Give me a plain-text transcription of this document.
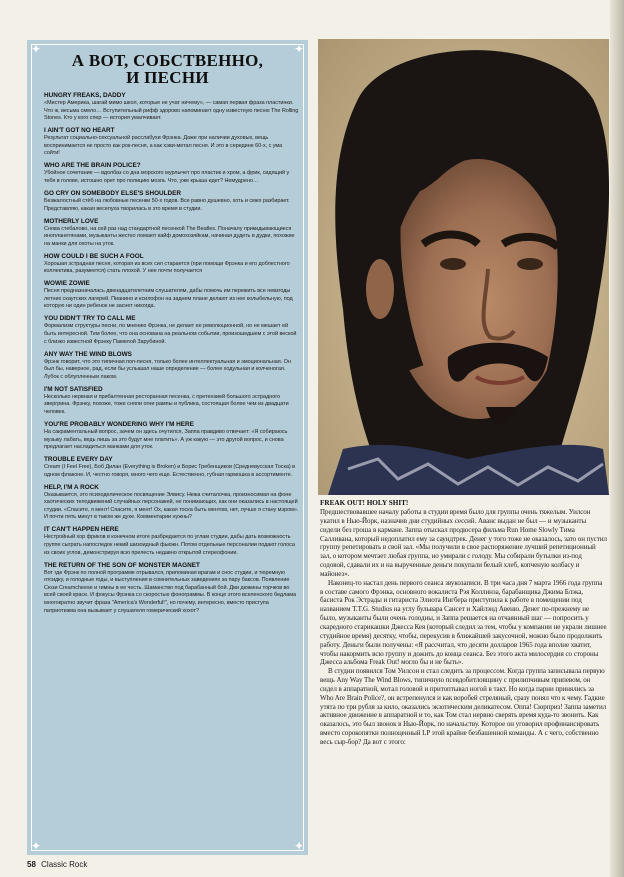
✦	✦
✦	✦
А ВОТ, СОБСТВЕННО,
И ПЕСНИ
HUNGRY FREAKS, DADDY
«Мистер Америка, шагай мимо школ, которые не учат ничему», — самая первая фраза пластинки. Что ж, весьма смело… Вступительный рифф здорово напоминает одну известную песню The Rolling Stones. Кто у кого спер — история умалчивает.
I AIN'T GOT NO HEART
Результат социально-сексуальной расслабухи Фрэнка. Даже при наличии духовых, вещь воспринимается не просто как рок-песня, а как хэви-метал песня. И это в середине 60-х, с ума сойти!
WHO ARE THE BRAIN POLICE?
Убойное сочетание — вдолбаз со дна морского мурлычет про пластик и хром, а фрик, сидящий у тебя в голове, истошно орет про полицию мозга. Что, уже крыша едет? Немудрено…
GO CRY ON SOMEBODY ELSE'S SHOULDER
Безжалостный стёб на любовные песенки 50-х годов. Все равно душевно, хоть и смех разбирает. Представляю, какая веселуха творилась в это время в студии.
MOTHERLY LOVE
Снова стебалово, на сей раз над стандартной песенкой The Beatles. Поначалу прикидывающиеся инопланетянами, музыканты жестко ломают кайф домохозяйкам, начиная дудеть в дудки, похожие на манки для охоты на уток.
HOW COULD I BE SUCH A FOOL
Хорошая эстрадная песня, которая из всех сил старается (при помощи Фрэнка и его доблестного коллектива, разумеется) стать плохой. У нее почти получается
WOWIE ZOWIE
Песня предназначалась двенадцатилетним слушателям, дабы помочь им пережить все невзгоды летних скаутских лагерей. Пианино и ксилофон на заднем плане делают из нее колыбельную, под которую ни один ребенок не заснет никогда.
YOU DIDN'T TRY TO CALL ME
Формализм структуры песни, по мнению Фрэнка, не делает ее революционной, но не мешает ей быть интересной. Тем более, что она основана на реальном событии, произошедшем с этой веской с близко известной Фрэнку Памелой Зарубиной.
ANY WAY THE WIND BLOWS
Фрэнк говорит, что это типичная поп-песня, только более интеллектуальная и эмоциональная. Он был бы, наверное, рад, если бы услышал наше определение — более ходульная и колченогая. Лубок с облупленным лаком.
I'M NOT SATISFIED
Несколько нервная и прибалтенная ресторанная песенка, с претензией большого эстрадного звергрина. Фрэнку, похоже, тоже сняли огни рампы и публика, состоящая более чем из двадцати человек.
YOU'RE PROBABLY WONDERING WHY I'M HERE
На сакраментальный вопрос, зачем он здесь очутился, Заппа правдиво отвечает: «Я собираюсь музыку лабать, ведь лишь за это будут мне платить». А уж какую — это другой вопрос, и снова предлагает насладиться манками для уток.
TROUBLE EVERY DAY
Cream (I Feel Free), Боб Дилан (Everything is Broken) и Борис Гребенщиков (Средневусская Тоска) в одном флаконе. И, честно говоря, много чего еще. Естественно, губная гармошка в ассортименте.
HELP, I'M A ROCK
Оказывается, это психоделическое посвящение Элвису. Нежа считалочка, произносимая на фоне хаотических телодвижений случайных персонажей, не понимающих, как они оказались в настоящей студии. «Спасите, я мент! Спасите, я мент! Ох, какая тоска быть ментом, нет, лучше я стану мэром». И почти пять минут в таком же духе. Комментарии нужны?
IT CAN'T HAPPEN HERE
Нестройный хор фриков в конечном итоге разбредается по углам студии, дабы дать возможность группе сыграть напоследок некий шизоидный фьюжн. Потом отдельные персоналии подают голоса из своих углов, демонстрируя всю прелесть недавно открытой стереофонии.
THE RETURN OF THE SON OF MONSTER MAGNET
Вот где Фрэнк по полной программе отрывался, припоминая врагам и снос студии, и тюремную отсидку, и голодные годы, и выступления в сомнительных заведениях за пару баксов. Появление Сюзи Creamcheese и гимны в ее честь. Шаманство под барабанный бой. Дви дюжины торчков во всей своей красе. И фокусы Фрэнка со скоростью фонограммы. В конце этого вселенского бедлама многократно звучит фраза "America's Wonderful!", но почему, интересно, вместо приступа патриотизма она вызывает у слушателя гомерический хохот?
FREAK OUT! HOLY SHIT!

Предшествовавшее началу работы в студии время было для группы очень тяжелым. Уилсон укатил в Нью-Йорк, назначив дни студийных сессий. Аванс выдан не был — и музыканты сидели без гроша в кармане. Заппа отыскал продюсера фильма Run Home Slowly Тима Салливана, который недоплатил ему за саундтрек. Денег у того тоже не оказалось, зато он пустил группу репетировать в свой зал. «Мы получили в свое распоряжение лучший репетиционный зал, о котором мечтает любая группа, но умирали с голоду. Мы собирали бутылки из-под содовой, сдавали их и на вырученные деньги покупали белый хлеб, копченую колбасу и майонез».

Наконец-то настал день первого сеанса звукозаписи. В три часа дня 7 марта 1966 года группа в составе самого Фрэнка, основного вокалиста Рэя Коллинза, барабанщика Джима Блэка, басиста Рок Эстрады и гитариста Элиота Ингбера приступила к работе в помещении под названием T.T.G. Studios на углу бульвара Сансет и Хайлэнд Авеню. Денег по-прежнему не было, музыканты были очень голодны, и Заппа решается на отчаянный шаг — попросить у скаредного старикашки Джесса Кея (который следил за тем, чтобы у компании не украли лишнее студийное время) десятку, чтобы, перекусив в ближайшей закусочной, можно было продолжить работу. Деньги были получены: «Я рассчитал, что десяти долларов 1965 года вполне хватит, чтобы накормить всю группу и дожить до конца сеанса. Без этого акта милосердия со стороны Джесса альбома Freak Out! могло бы и не быть».

В студии появился Том Уилсон и стал следить за процессом. Когда группа записывала первую вещь Any Way The Wind Blows, типичную псевдобитловщину с прилипчивым припевом, он сидел в аппаратной, мотал головой и притоптывал ногой в такт. Но когда парни принялись за Who Are Brain Police?, он встрепенулся и как воробей стреляный, сразу понял что к чему. Гадкие утята по три рубля за кило, оказались экзотическим деликатесом. Оппа! Сюрприз! Заппа заметил активное движение в аппаратной и то, как Том стал нервно сверять время куда-то звонить. Как оказалось, это был звонок в Нью-Йорк, по начальству. Которое он уговорил профинансировать вместо сорокопятки полноценный LP этой крайне безбашенной команды. А с чего, собственно весь сыр-бор? Да вот с этого:

58 Classic Rock
